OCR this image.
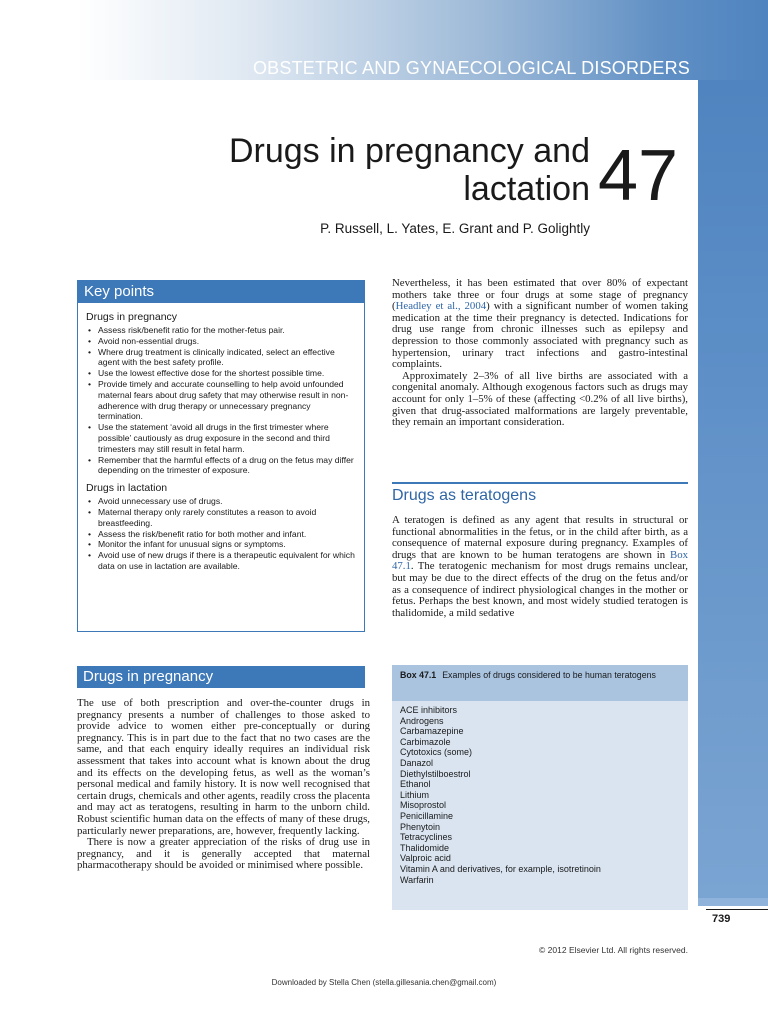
OBSTETRIC AND GYNAECOLOGICAL DISORDERS
Drugs in pregnancy and
lactation 47
P. Russell, L. Yates, E. Grant and P. Golightly
Key points
Drugs in pregnancy
• Assess risk/benefit ratio for the mother-fetus pair.
• Avoid non-essential drugs.
• Where drug treatment is clinically indicated, select an effective agent with the best safety profile.
• Use the lowest effective dose for the shortest possible time.
• Provide timely and accurate counselling to help avoid unfounded maternal fears about drug safety that may otherwise result in non-adherence with drug therapy or unnecessary pregnancy termination.
• Use the statement ‘avoid all drugs in the first trimester where possible’ cautiously as drug exposure in the second and third trimesters may still result in fetal harm.
• Remember that the harmful effects of a drug on the fetus may differ depending on the trimester of exposure.
Drugs in lactation
• Avoid unnecessary use of drugs.
• Maternal therapy only rarely constitutes a reason to avoid breastfeeding.
• Assess the risk/benefit ratio for both mother and infant.
• Monitor the infant for unusual signs or symptoms.
• Avoid use of new drugs if there is a therapeutic equivalent for which data on use in lactation are available.
Drugs in pregnancy
The use of both prescription and over-the-counter drugs in pregnancy presents a number of challenges to those asked to provide advice to women either pre-conceptually or during pregnancy. This is in part due to the fact that no two cases are the same, and that each enquiry ideally requires an individual risk assessment that takes into account what is known about the drug and its effects on the developing fetus, as well as the woman’s personal medical and family history. It is now well recognised that certain drugs, chemicals and other agents, readily cross the placenta and may act as teratogens, resulting in harm to the unborn child. Robust scientific human data on the effects of many of these drugs, particularly newer preparations, are, however, frequently lacking.
There is now a greater appreciation of the risks of drug use in pregnancy, and it is generally accepted that maternal pharmacotherapy should be avoided or minimised where possible.
Nevertheless, it has been estimated that over 80% of expectant mothers take three or four drugs at some stage of pregnancy (Headley et al., 2004) with a significant number of women taking medication at the time their pregnancy is detected. Indications for drug use range from chronic illnesses such as epilepsy and depression to those commonly associated with pregnancy such as hypertension, urinary tract infections and gastro-intestinal complaints.
Approximately 2–3% of all live births are associated with a congenital anomaly. Although exogenous factors such as drugs may account for only 1–5% of these (affecting <0.2% of all live births), given that drug-associated malformations are largely preventable, they remain an important consideration.
Drugs as teratogens
A teratogen is defined as any agent that results in structural or functional abnormalities in the fetus, or in the child after birth, as a consequence of maternal exposure during pregnancy. Examples of drugs that are known to be human teratogens are shown in Box 47.1. The teratogenic mechanism for most drugs remains unclear, but may be due to the direct effects of the drug on the fetus and/or as a consequence of indirect physiological changes in the mother or fetus. Perhaps the best known, and most widely studied teratogen is thalidomide, a mild sedative
Box 47.1 Examples of drugs considered to be human teratogens
ACE inhibitors
Androgens
Carbamazepine
Carbimazole
Cytotoxics (some)
Danazol
Diethylstilboestrol
Ethanol
Lithium
Misoprostol
Penicillamine
Phenytoin
Tetracyclines
Thalidomide
Valproic acid
Vitamin A and derivatives, for example, isotretinoin
Warfarin
739
© 2012 Elsevier Ltd. All rights reserved.
Downloaded by Stella Chen (stella.gillesania.chen@gmail.com)
